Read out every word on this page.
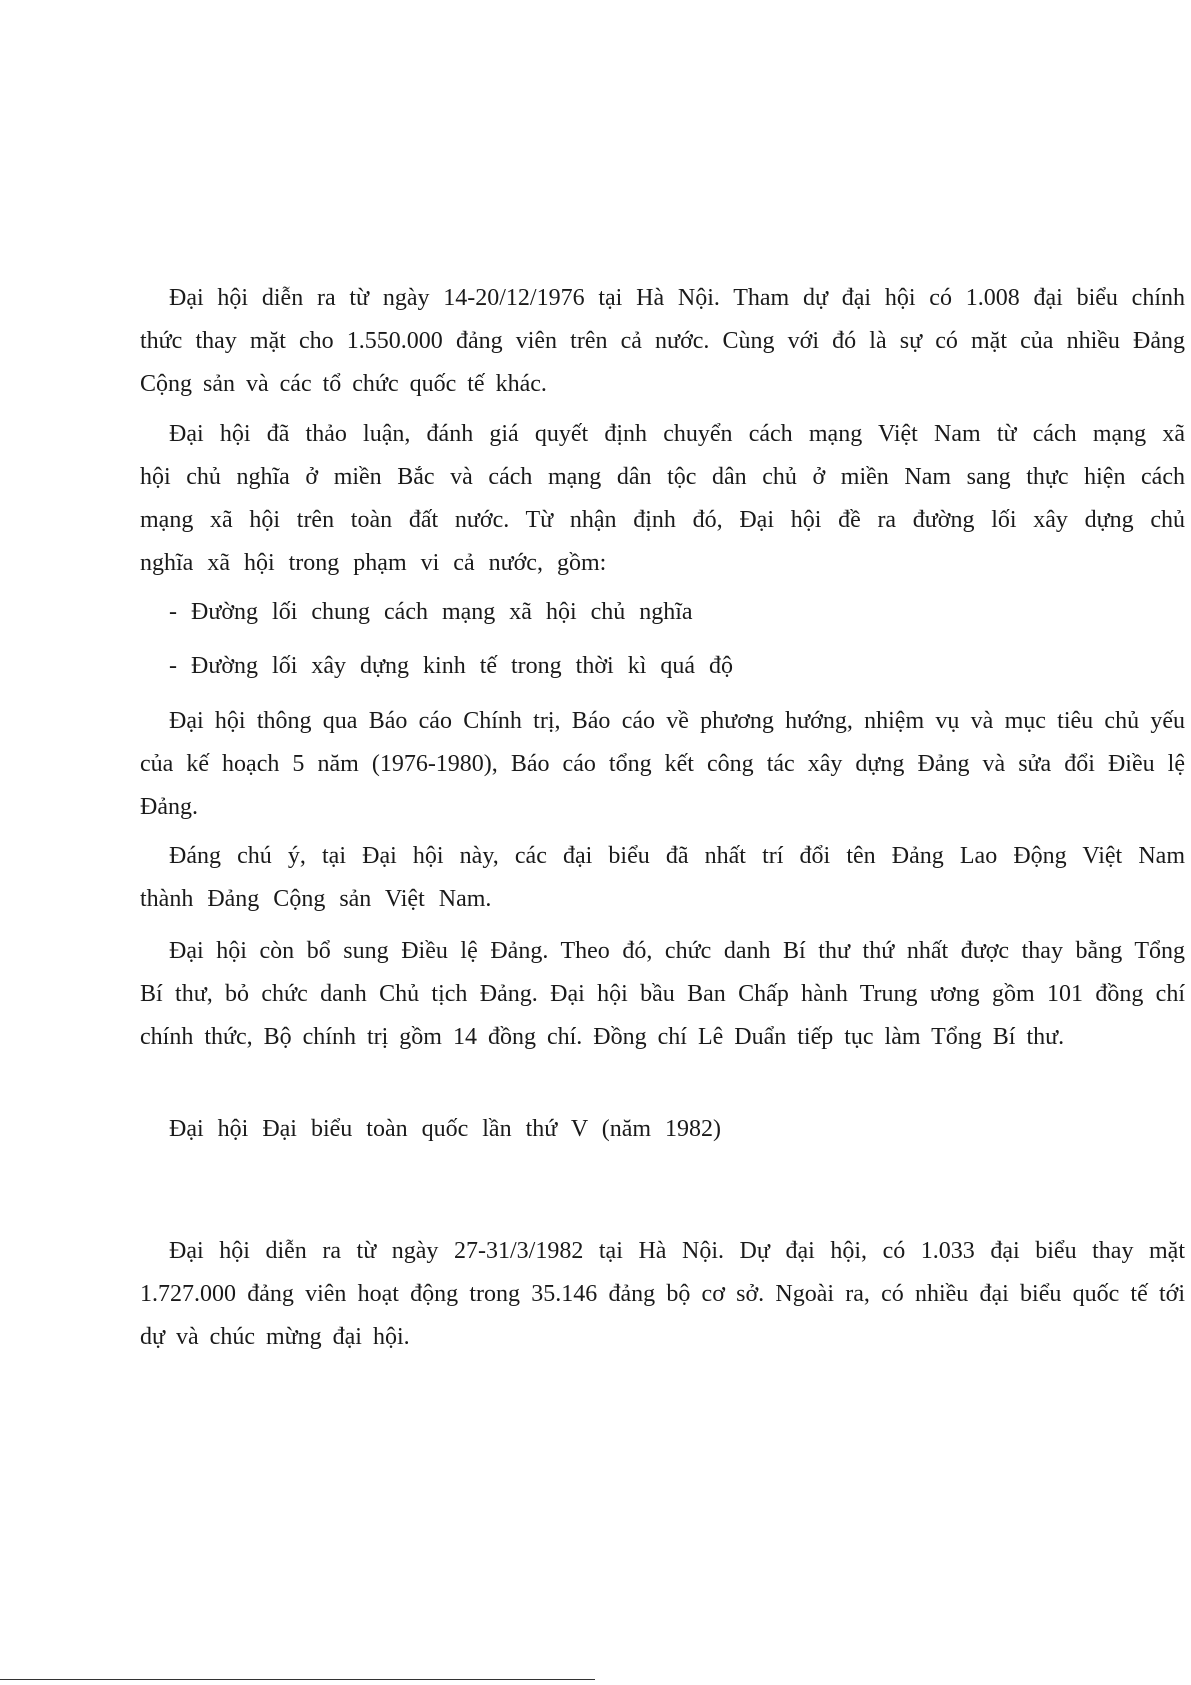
Đại hội diễn ra từ ngày 14-20/12/1976 tại Hà Nội. Tham dự đại hội có 1.008 đại biểu chính thức thay mặt cho 1.550.000 đảng viên trên cả nước. Cùng với đó là sự có mặt của nhiều Đảng Cộng sản và các tổ chức quốc tế khác.

Đại hội đã thảo luận, đánh giá quyết định chuyển cách mạng Việt Nam từ cách mạng xã hội chủ nghĩa ở miền Bắc và cách mạng dân tộc dân chủ ở miền Nam sang thực hiện cách mạng xã hội trên toàn đất nước. Từ nhận định đó, Đại hội đề ra đường lối xây dựng chủ nghĩa xã hội trong phạm vi cả nước, gồm:

- Đường lối chung cách mạng xã hội chủ nghĩa

- Đường lối xây dựng kinh tế trong thời kì quá độ

Đại hội thông qua Báo cáo Chính trị, Báo cáo về phương hướng, nhiệm vụ và mục tiêu chủ yếu của kế hoạch 5 năm (1976-1980), Báo cáo tổng kết công tác xây dựng Đảng và sửa đổi Điều lệ Đảng.

Đáng chú ý, tại Đại hội này, các đại biểu đã nhất trí đổi tên Đảng Lao Động Việt Nam thành Đảng Cộng sản Việt Nam.

Đại hội còn bổ sung Điều lệ Đảng. Theo đó, chức danh Bí thư thứ nhất được thay bằng Tổng Bí thư, bỏ chức danh Chủ tịch Đảng. Đại hội bầu Ban Chấp hành Trung ương gồm 101 đồng chí chính thức, Bộ chính trị gồm 14 đồng chí. Đồng chí Lê Duẩn tiếp tục làm Tổng Bí thư.

Đại hội Đại biểu toàn quốc lần thứ V (năm 1982)

Đại hội diễn ra từ ngày 27-31/3/1982 tại Hà Nội. Dự đại hội, có 1.033 đại biểu thay mặt 1.727.000 đảng viên hoạt động trong 35.146 đảng bộ cơ sở. Ngoài ra, có nhiều đại biểu quốc tế tới dự và chúc mừng đại hội.
